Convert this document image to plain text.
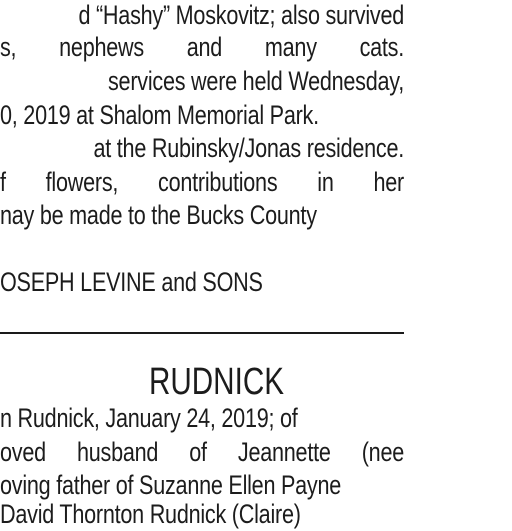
d “Hashy” Moskovitz; also survived
s, nephews and many cats.
services were held Wednesday,
0, 2019 at Shalom Memorial Park.
at the Rubinsky/Jonas residence.
f flowers, contributions in her
nay be made to the Bucks County
OSEPH LEVINE and SONS
RUDNICK
n Rudnick, January 24, 2019; of
oved husband of Jeannette (nee
oving father of Suzanne Ellen Payne
David Thornton Rudnick (Claire)
